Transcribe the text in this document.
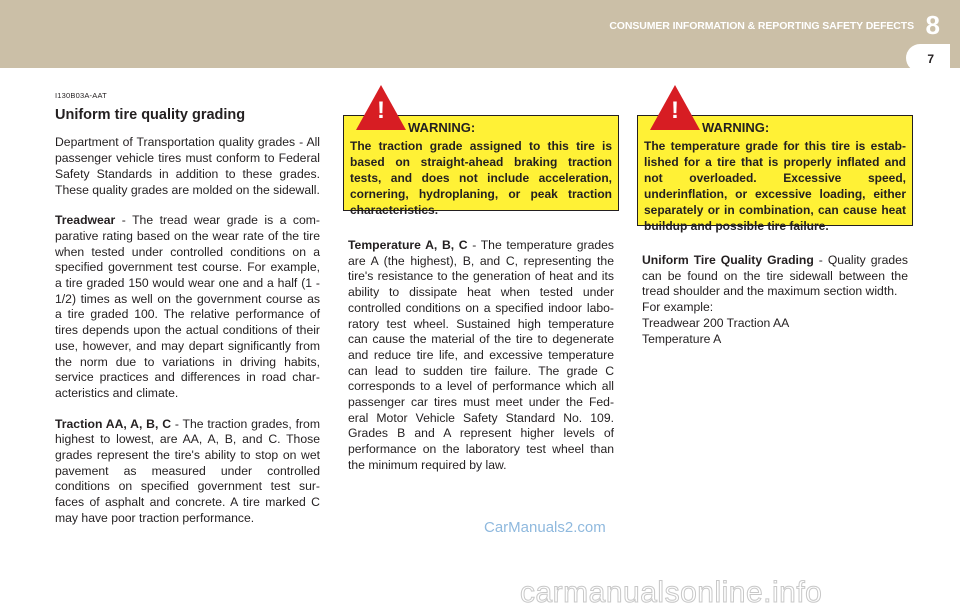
CONSUMER INFORMATION & REPORTING SAFETY DEFECTS 8
7
I130B03A-AAT
Uniform tire quality grading

Department of Transportation quality grades - All passenger vehicle tires must conform to Federal Safety Standards in addition to these grades. These quality grades are molded on the sidewall.

Treadwear - The tread wear grade is a com-parative rating based on the wear rate of the tire when tested under controlled conditions on a specified government test course. For example, a tire graded 150 would wear one and a half (1 - 1/2) times as well on the government course as a tire graded 100. The relative performance of tires depends upon the actual conditions of their use, however, and may depart significantly from the norm due to variations in driving habits, service practices and differences in road char-acteristics and climate.

Traction AA, A, B, C - The traction grades, from highest to lowest, are AA, A, B, and C. Those grades represent the tire's ability to stop on wet pavement as measured under controlled conditions on specified government test sur-faces of asphalt and concrete. A tire marked C may have poor traction performance.

!
WARNING:
The traction grade assigned to this tire is based on straight-ahead braking traction tests, and does not include acceleration, cornering, hydroplaning, or peak traction characteristics.

Temperature A, B, C - The temperature grades are A (the highest), B, and C, representing the tire's resistance to the generation of heat and its ability to dissipate heat when tested under controlled conditions on a specified indoor labo-ratory test wheel. Sustained high temperature can cause the material of the tire to degenerate and reduce tire life, and excessive temperature can lead to sudden tire failure. The grade C corresponds to a level of performance which all passenger car tires must meet under the Fed-eral Motor Vehicle Safety Standard No. 109. Grades B and A represent higher levels of performance on the laboratory test wheel than the minimum required by law.

!
WARNING:
The temperature grade for this tire is estab-lished for a tire that is properly inflated and not overloaded. Excessive speed, underinflation, or excessive loading, either separately or in combination, can cause heat buildup and possible tire failure.

Uniform Tire Quality Grading - Quality grades can be found on the tire sidewall between the tread shoulder and the maximum section width.

For example:
Treadwear 200 Traction AA
Temperature A
CarManuals2.com
carmanualsonline.info
